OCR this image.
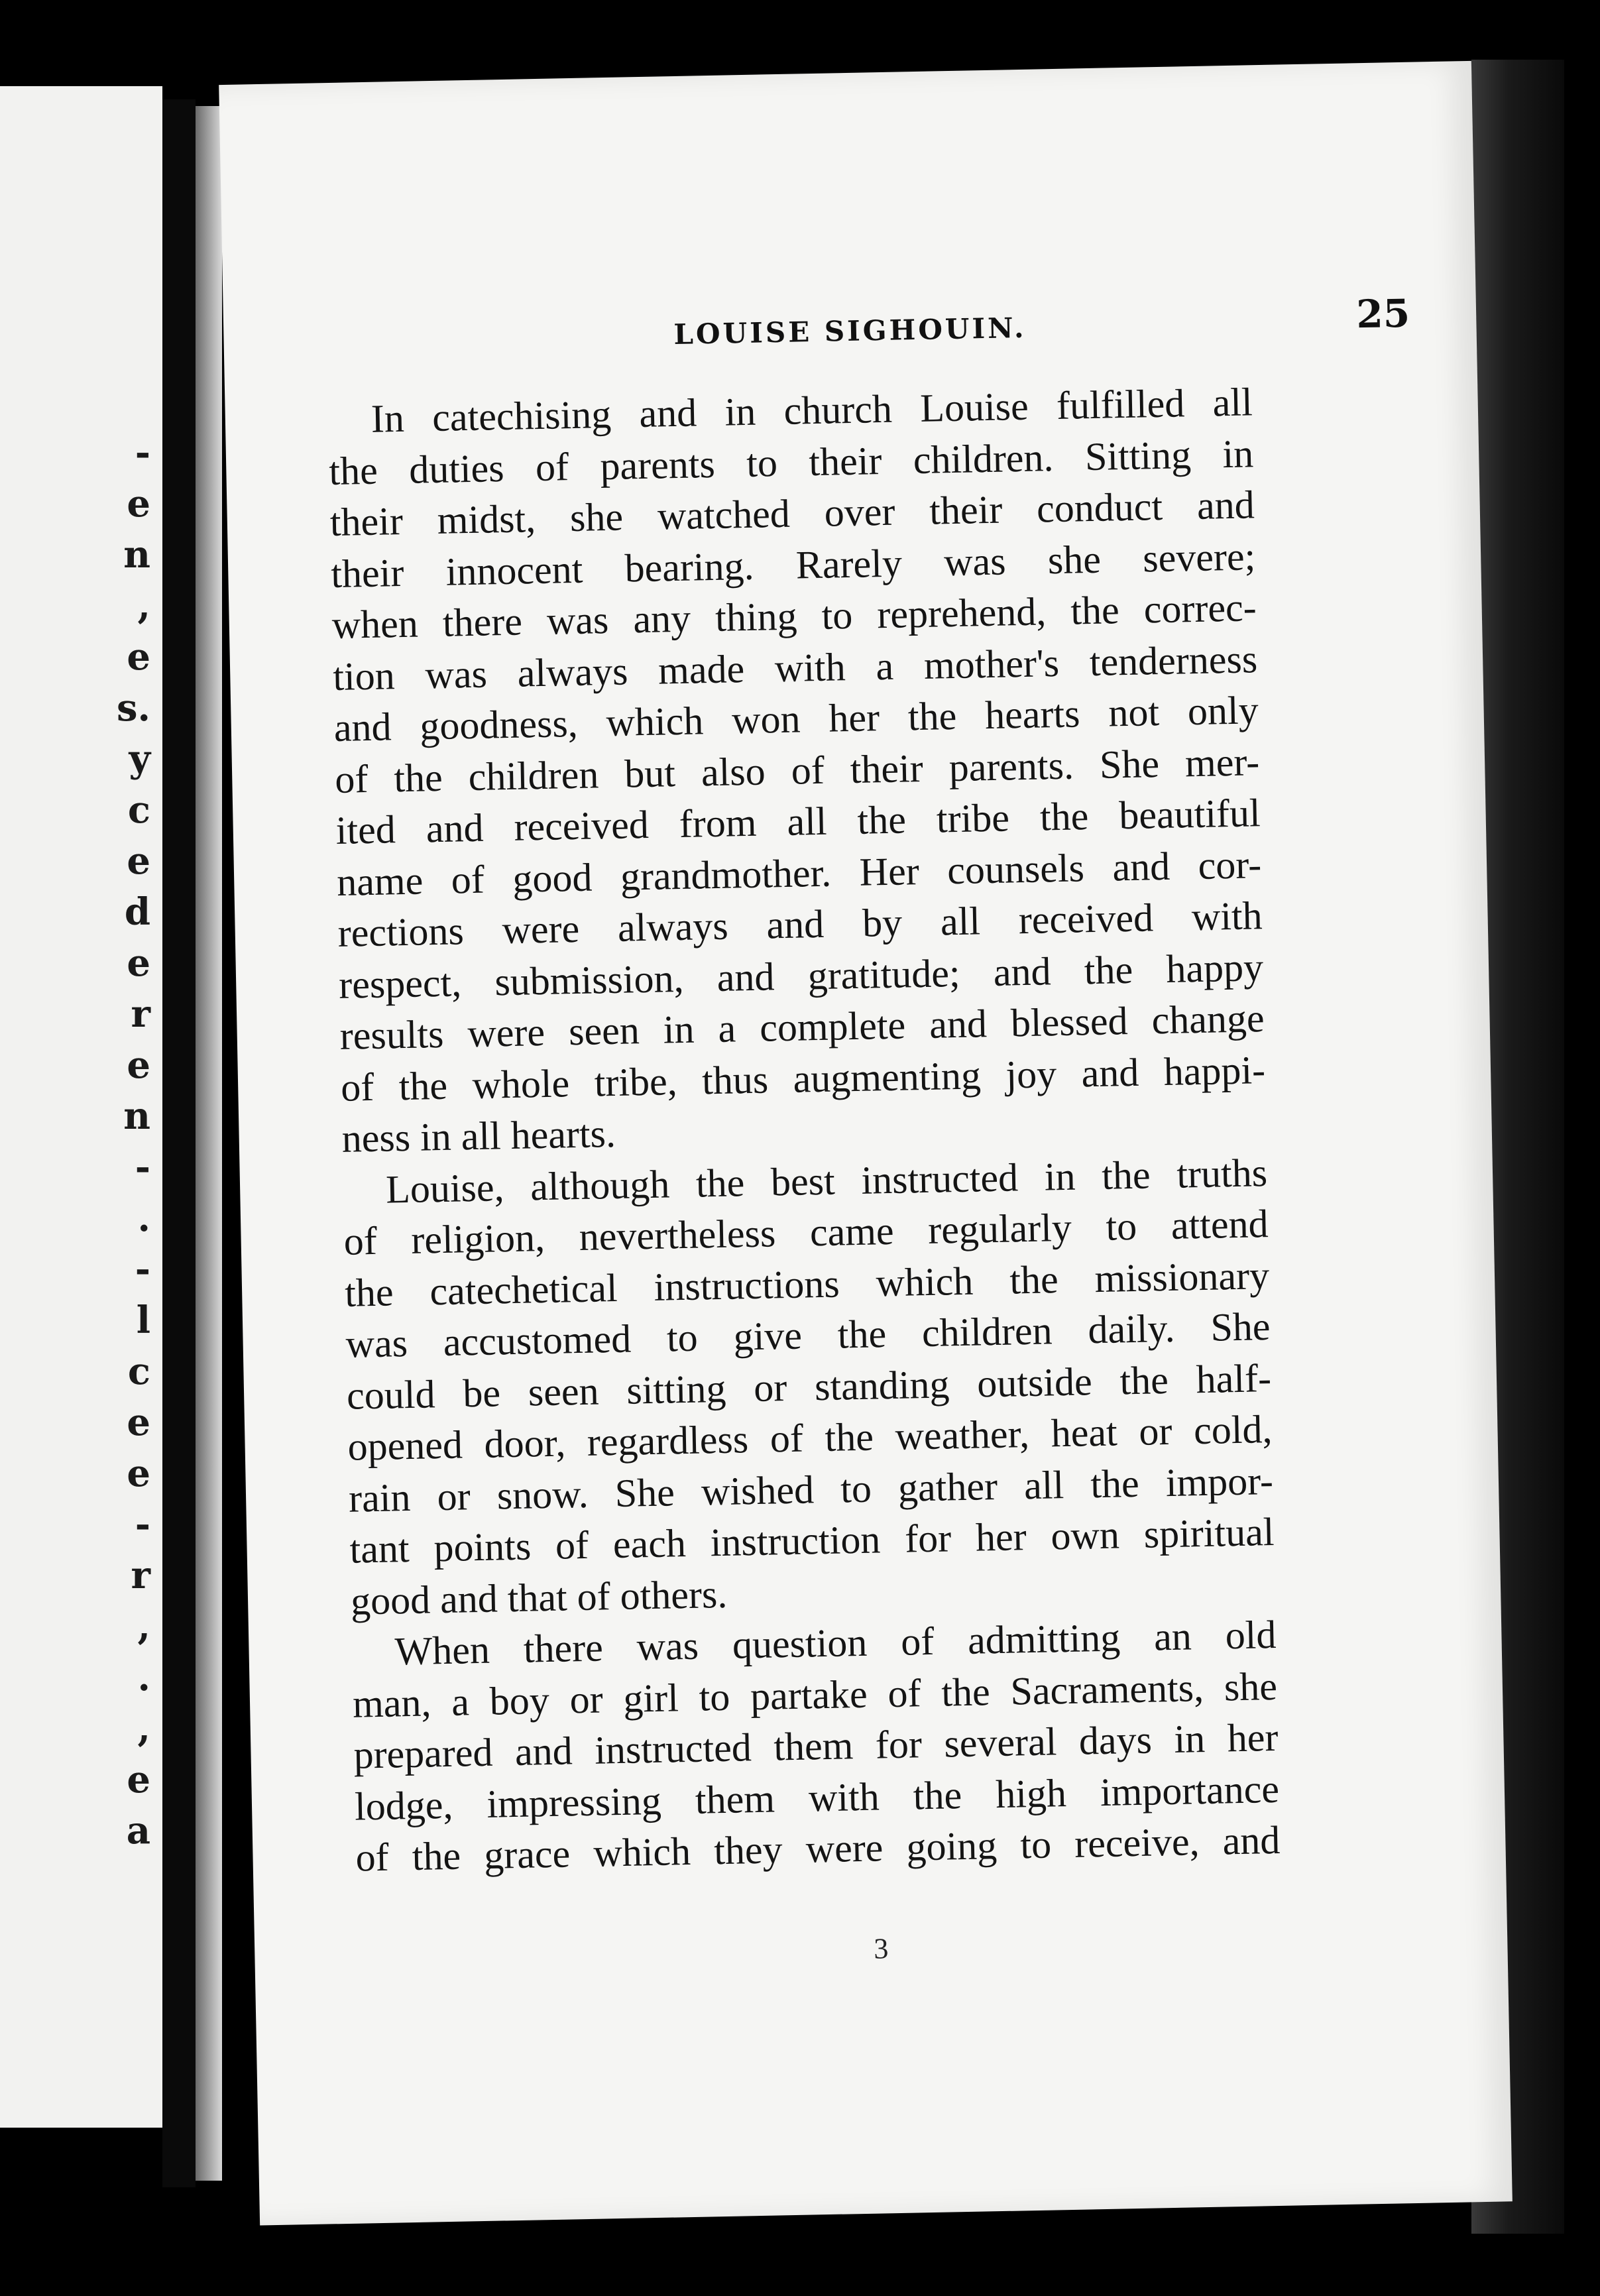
-
e
n
,
e
s.
y
c
e
d
e
r
e
n
-
.
-
l
c
e
e
-
r
,
.
,
e
a
LOUISE SIGHOUIN.	25
In catechising and in church Louise fulfilled all
the duties of parents to their children. Sitting in
their midst, she watched over their conduct and
their innocent bearing. Rarely was she severe;
when there was any thing to reprehend, the correc-
tion was always made with a mother's tenderness
and goodness, which won her the hearts not only
of the children but also of their parents. She mer-
ited and received from all the tribe the beautiful
name of good grandmother. Her counsels and cor-
rections were always and by all received with
respect, submission, and gratitude; and the happy
results were seen in a complete and blessed change
of the whole tribe, thus augmenting joy and happi-
ness in all hearts.
Louise, although the best instructed in the truths
of religion, nevertheless came regularly to attend
the catechetical instructions which the missionary
was accustomed to give the children daily. She
could be seen sitting or standing outside the half-
opened door, regardless of the weather, heat or cold,
rain or snow. She wished to gather all the impor-
tant points of each instruction for her own spiritual
good and that of others.
When there was question of admitting an old
man, a boy or girl to partake of the Sacraments, she
prepared and instructed them for several days in her
lodge, impressing them with the high importance
of the grace which they were going to receive, and
3
